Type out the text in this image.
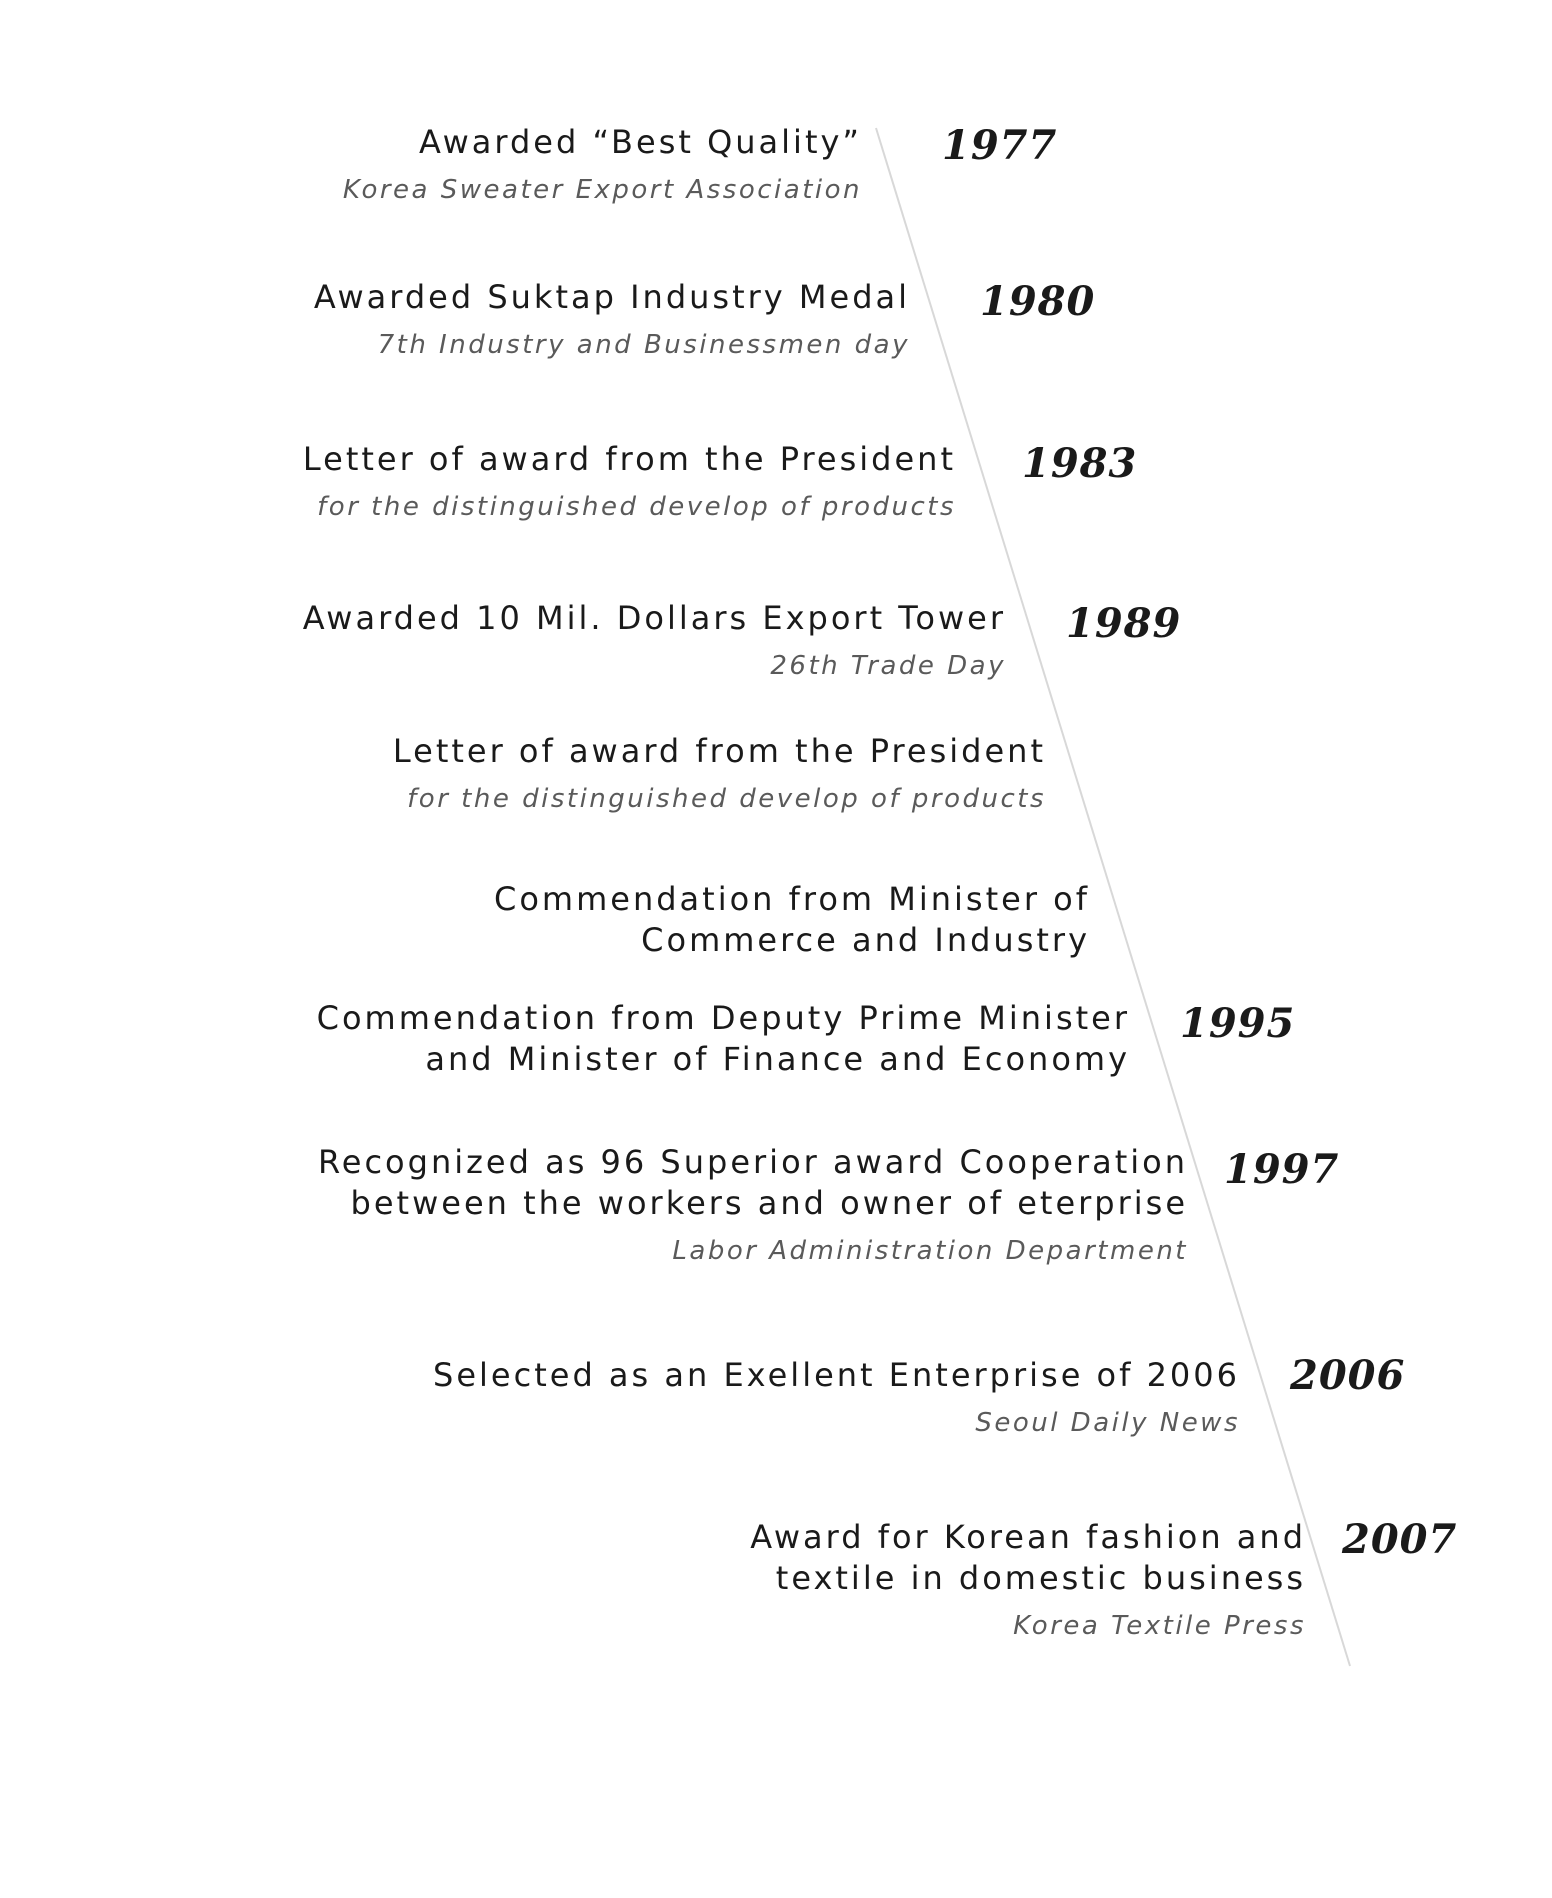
Awarded “Best Quality”
Korea Sweater Export Association
1977
Awarded Suktap Industry Medal
7th Industry and Businessmen day
1980
Letter of award from the President
for the distinguished develop of products
1983
Awarded 10 Mil. Dollars Export Tower
26th Trade Day
1989
Letter of award from the President
for the distinguished develop of products
Commendation from Minister of
Commerce and Industry
Commendation from Deputy Prime Minister
and Minister of Finance and Economy
1995
Recognized as 96 Superior award Cooperation
between the workers and owner of eterprise
Labor Administration Department
1997
Selected as an Exellent Enterprise of 2006
Seoul Daily News
2006
Award for Korean fashion and
textile in domestic business
Korea Textile Press
2007
